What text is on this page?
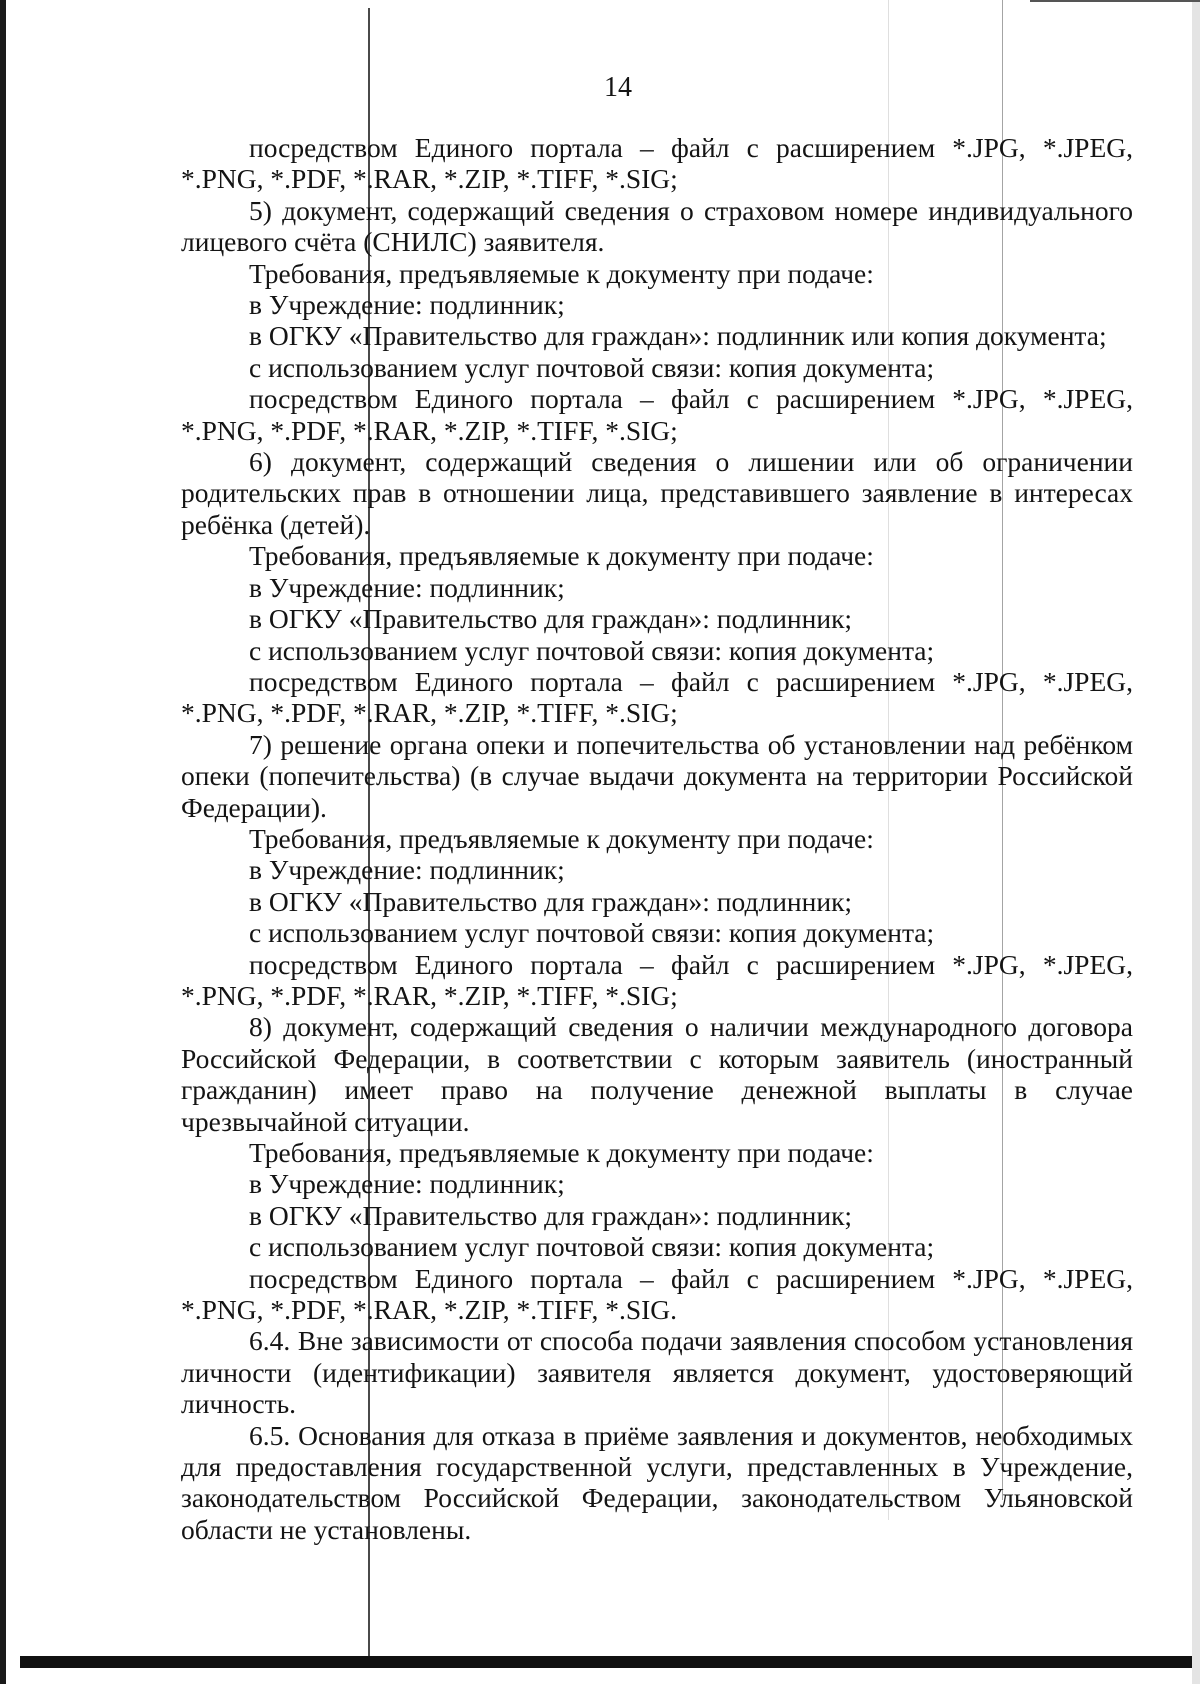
14

посредством Единого портала – файл с расширением *.JPG, *.JPEG, *.PNG, *.PDF, *.RAR, *.ZIP, *.TIFF, *.SIG;

5) документ, содержащий сведения о страховом номере индивидуального лицевого счёта (СНИЛС) заявителя.

Требования, предъявляемые к документу при подаче:

в Учреждение: подлинник;

в ОГКУ «Правительство для граждан»: подлинник или копия документа;

с использованием услуг почтовой связи: копия документа;

посредством Единого портала – файл с расширением *.JPG, *.JPEG, *.PNG, *.PDF, *.RAR, *.ZIP, *.TIFF, *.SIG;

6) документ, содержащий сведения о лишении или об ограничении родительских прав в отношении лица, представившего заявление в интересах ребёнка (детей).

Требования, предъявляемые к документу при подаче:

в Учреждение: подлинник;

в ОГКУ «Правительство для граждан»: подлинник;

с использованием услуг почтовой связи: копия документа;

посредством Единого портала – файл с расширением *.JPG, *.JPEG, *.PNG, *.PDF, *.RAR, *.ZIP, *.TIFF, *.SIG;

7) решение органа опеки и попечительства об установлении над ребёнком опеки (попечительства) (в случае выдачи документа на территории Российской Федерации).

Требования, предъявляемые к документу при подаче:

в Учреждение: подлинник;

в ОГКУ «Правительство для граждан»: подлинник;

с использованием услуг почтовой связи: копия документа;

посредством Единого портала – файл с расширением *.JPG, *.JPEG, *.PNG, *.PDF, *.RAR, *.ZIP, *.TIFF, *.SIG;

8) документ, содержащий сведения о наличии международного договора Российской Федерации, в соответствии с которым заявитель (иностранный гражданин) имеет право на получение денежной выплаты в случае чрезвычайной ситуации.

Требования, предъявляемые к документу при подаче:

в Учреждение: подлинник;

в ОГКУ «Правительство для граждан»: подлинник;

с использованием услуг почтовой связи: копия документа;

посредством Единого портала – файл с расширением *.JPG, *.JPEG, *.PNG, *.PDF, *.RAR, *.ZIP, *.TIFF, *.SIG.

6.4. Вне зависимости от способа подачи заявления способом установления личности (идентификации) заявителя является документ, удостоверяющий личность.

6.5. Основания для отказа в приёме заявления и документов, необходимых для предоставления государственной услуги, представленных в Учреждение, законодательством Российской Федерации, законодательством Ульяновской области не установлены.
